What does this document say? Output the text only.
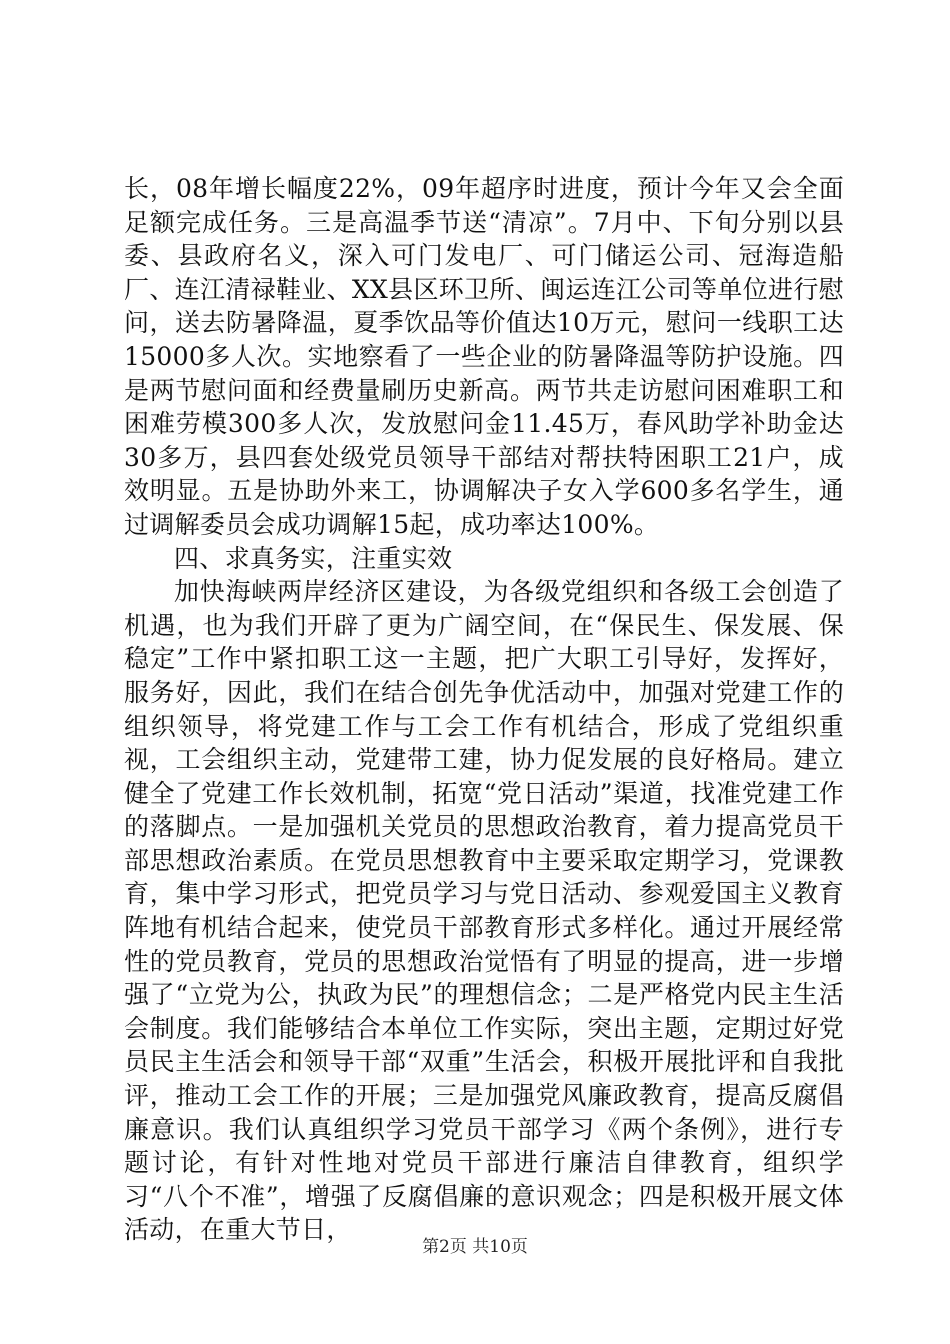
长，08年增长幅度22%，09年超序时进度，预计今年又会全面足额完成任务。三是高温季节送“清凉”。7月中、下旬分别以县委、县政府名义，深入可门发电厂、可门储运公司、冠海造船厂、连江清禄鞋业、XX县区环卫所、闽运连江公司等单位进行慰问，送去防暑降温，夏季饮品等价值达10万元，慰问一线职工达15000多人次。实地察看了一些企业的防暑降温等防护设施。四是两节慰问面和经费量刷历史新高。两节共走访慰问困难职工和困难劳模300多人次，发放慰问金11.45万，春风助学补助金达30多万，县四套处级党员领导干部结对帮扶特困职工21户，成效明显。五是协助外来工，协调解决子女入学600多名学生，通过调解委员会成功调解15起，成功率达100%。

四、求真务实，注重实效

加快海峡两岸经济区建设，为各级党组织和各级工会创造了机遇，也为我们开辟了更为广阔空间，在“保民生、保发展、保稳定”工作中紧扣职工这一主题，把广大职工引导好，发挥好，服务好，因此，我们在结合创先争优活动中，加强对党建工作的组织领导，将党建工作与工会工作有机结合，形成了党组织重视，工会组织主动，党建带工建，协力促发展的良好格局。建立健全了党建工作长效机制，拓宽“党日活动”渠道，找准党建工作的落脚点。一是加强机关党员的思想政治教育，着力提高党员干部思想政治素质。在党员思想教育中主要采取定期学习，党课教育，集中学习形式，把党员学习与党日活动、参观爱国主义教育阵地有机结合起来，使党员干部教育形式多样化。通过开展经常性的党员教育，党员的思想政治觉悟有了明显的提高，进一步增强了“立党为公，执政为民”的理想信念；二是严格党内民主生活会制度。我们能够结合本单位工作实际，突出主题，定期过好党员民主生活会和领导干部“双重”生活会，积极开展批评和自我批评，推动工会工作的开展；三是加强党风廉政教育，提高反腐倡廉意识。我们认真组织学习党员干部学习《两个条例》，进行专题讨论，有针对性地对党员干部进行廉洁自律教育，组织学习“八个不准”，增强了反腐倡廉的意识观念；四是积极开展文体活动，在重大节日，

第2页 共10页
